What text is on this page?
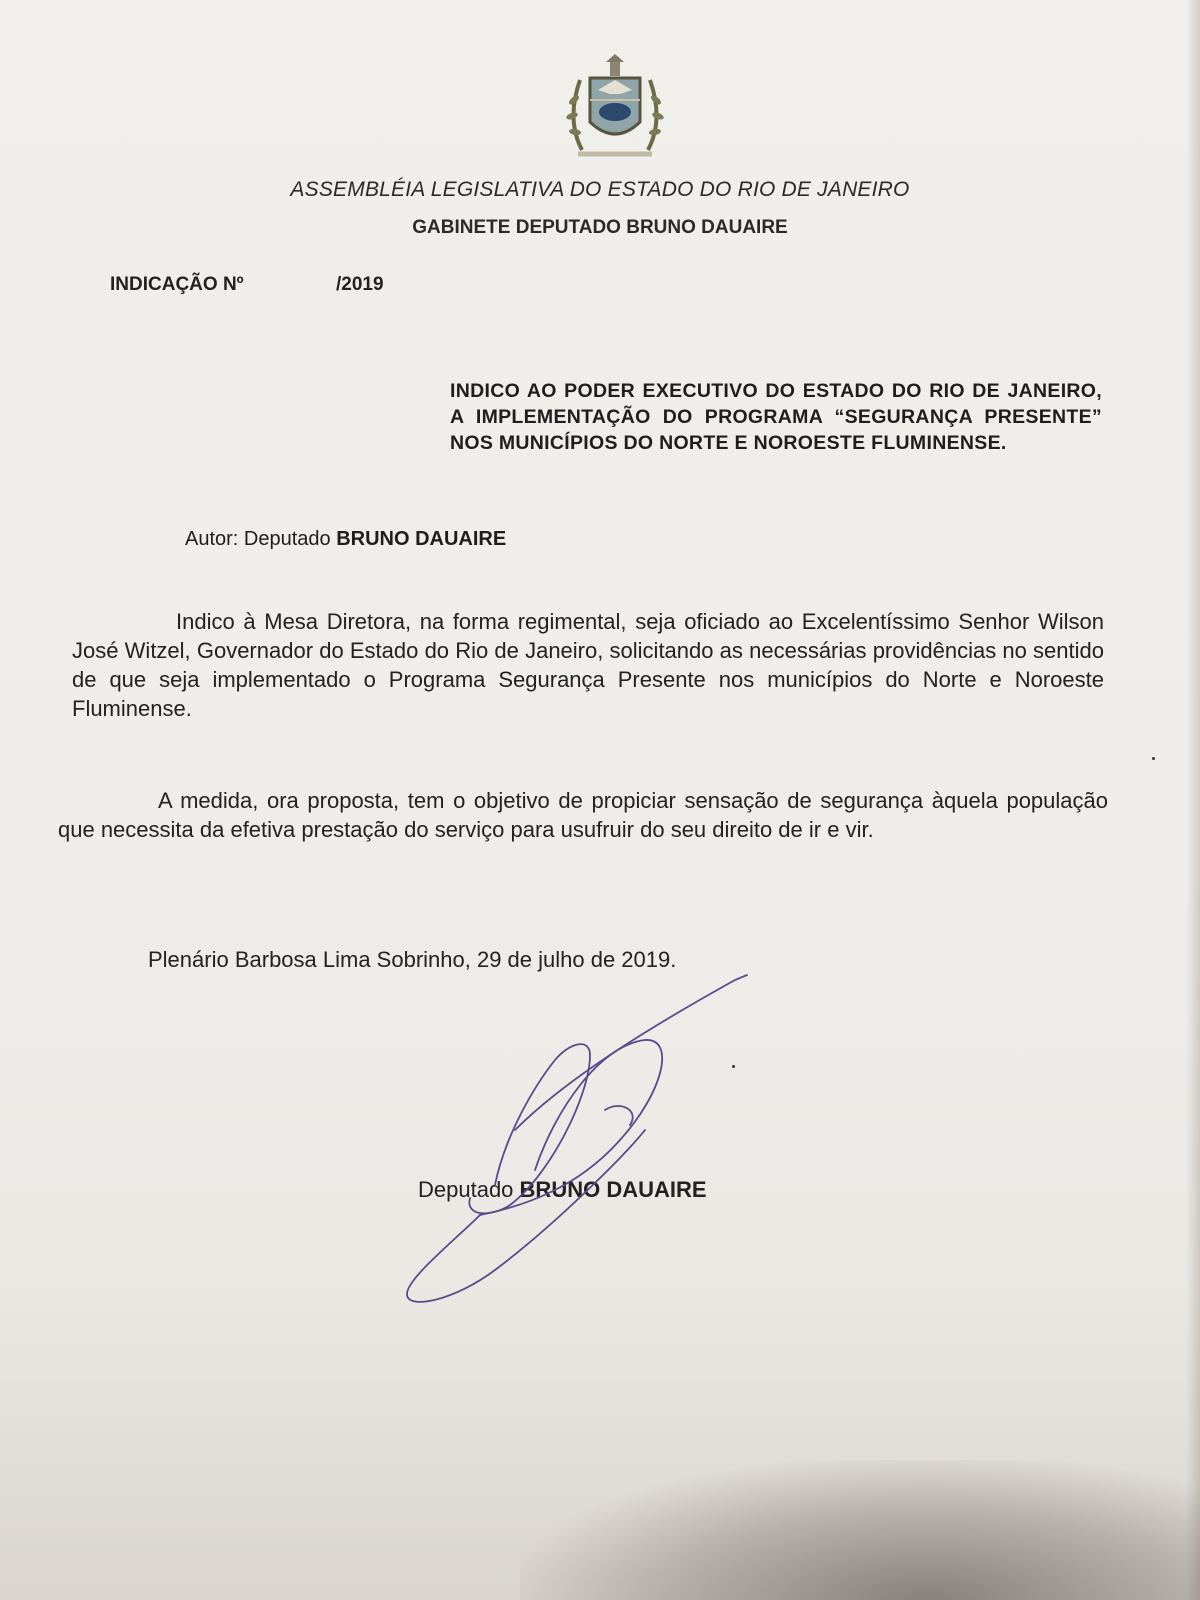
ASSEMBLÉIA LEGISLATIVA DO ESTADO DO RIO DE JANEIRO
GABINETE DEPUTADO BRUNO DAUAIRE
INDICAÇÃO Nº	/2019
INDICO AO PODER EXECUTIVO DO ESTADO DO RIO DE JANEIRO, A IMPLEMENTAÇÃO DO PROGRAMA “SEGURANÇA PRESENTE” NOS MUNICÍPIOS DO NORTE E NOROESTE FLUMINENSE.
Autor: Deputado BRUNO DAUAIRE
Indico à Mesa Diretora, na forma regimental, seja oficiado ao Excelentíssimo Senhor Wilson José Witzel, Governador do Estado do Rio de Janeiro, solicitando as necessárias providências no sentido de que seja implementado o Programa Segurança Presente nos municípios do Norte e Noroeste Fluminense.
A medida, ora proposta, tem o objetivo de propiciar sensação de segurança àquela população que necessita da efetiva prestação do serviço para usufruir do seu direito de ir e vir.
Plenário Barbosa Lima Sobrinho, 29 de julho de 2019.
Deputado BRUNO DAUAIRE
